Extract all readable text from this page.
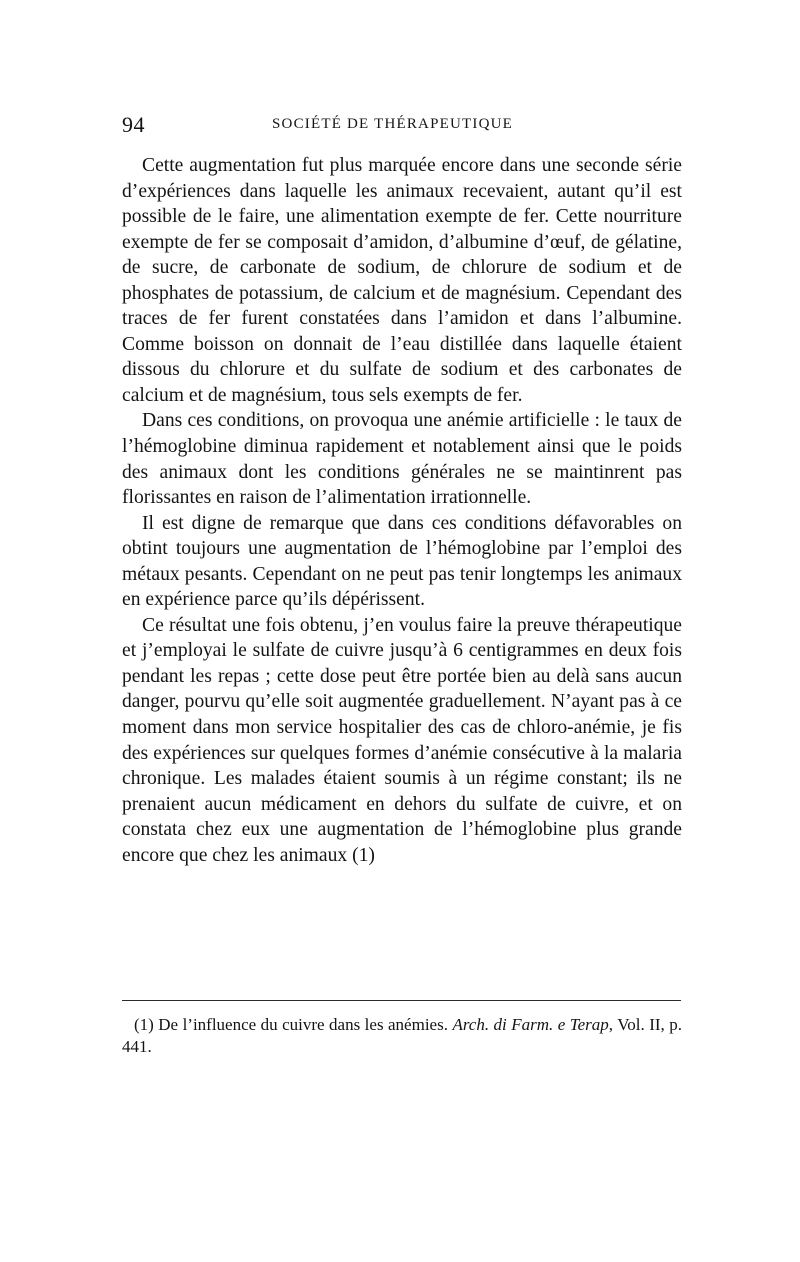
94	SOCIÉTÉ DE THÉRAPEUTIQUE

Cette augmentation fut plus marquée encore dans une seconde série d’expériences dans laquelle les animaux recevaient, autant qu’il est possible de le faire, une alimentation exempte de fer. Cette nourriture exempte de fer se composait d’amidon, d’albumine d’œuf, de gélatine, de sucre, de carbonate de sodium, de chlorure de sodium et de phosphates de potassium, de calcium et de magnésium. Cependant des traces de fer furent constatées dans l’amidon et dans l’albumine. Comme boisson on donnait de l’eau distillée dans laquelle étaient dissous du chlorure et du sulfate de sodium et des carbonates de calcium et de magnésium, tous sels exempts de fer.

Dans ces conditions, on provoqua une anémie artificielle : le taux de l’hémoglobine diminua rapidement et notablement ainsi que le poids des animaux dont les conditions générales ne se maintinrent pas florissantes en raison de l’alimentation irrationnelle.

Il est digne de remarque que dans ces conditions défavorables on obtint toujours une augmentation de l’hémoglobine par l’emploi des métaux pesants. Cependant on ne peut pas tenir longtemps les animaux en expérience parce qu’ils dépérissent.

Ce résultat une fois obtenu, j’en voulus faire la preuve thérapeutique et j’employai le sulfate de cuivre jusqu’à 6 centigrammes en deux fois pendant les repas ; cette dose peut être portée bien au delà sans aucun danger, pourvu qu’elle soit augmentée graduellement. N’ayant pas à ce moment dans mon service hospitalier des cas de chloro-anémie, je fis des expériences sur quelques formes d’anémie consécutive à la malaria chronique. Les malades étaient soumis à un régime constant; ils ne prenaient aucun médicament en dehors du sulfate de cuivre, et on constata chez eux une augmentation de l’hémoglobine plus grande encore que chez les animaux (1)

(1) De l’influence du cuivre dans les anémies. Arch. di Farm. e Terap, Vol. II, p. 441.
